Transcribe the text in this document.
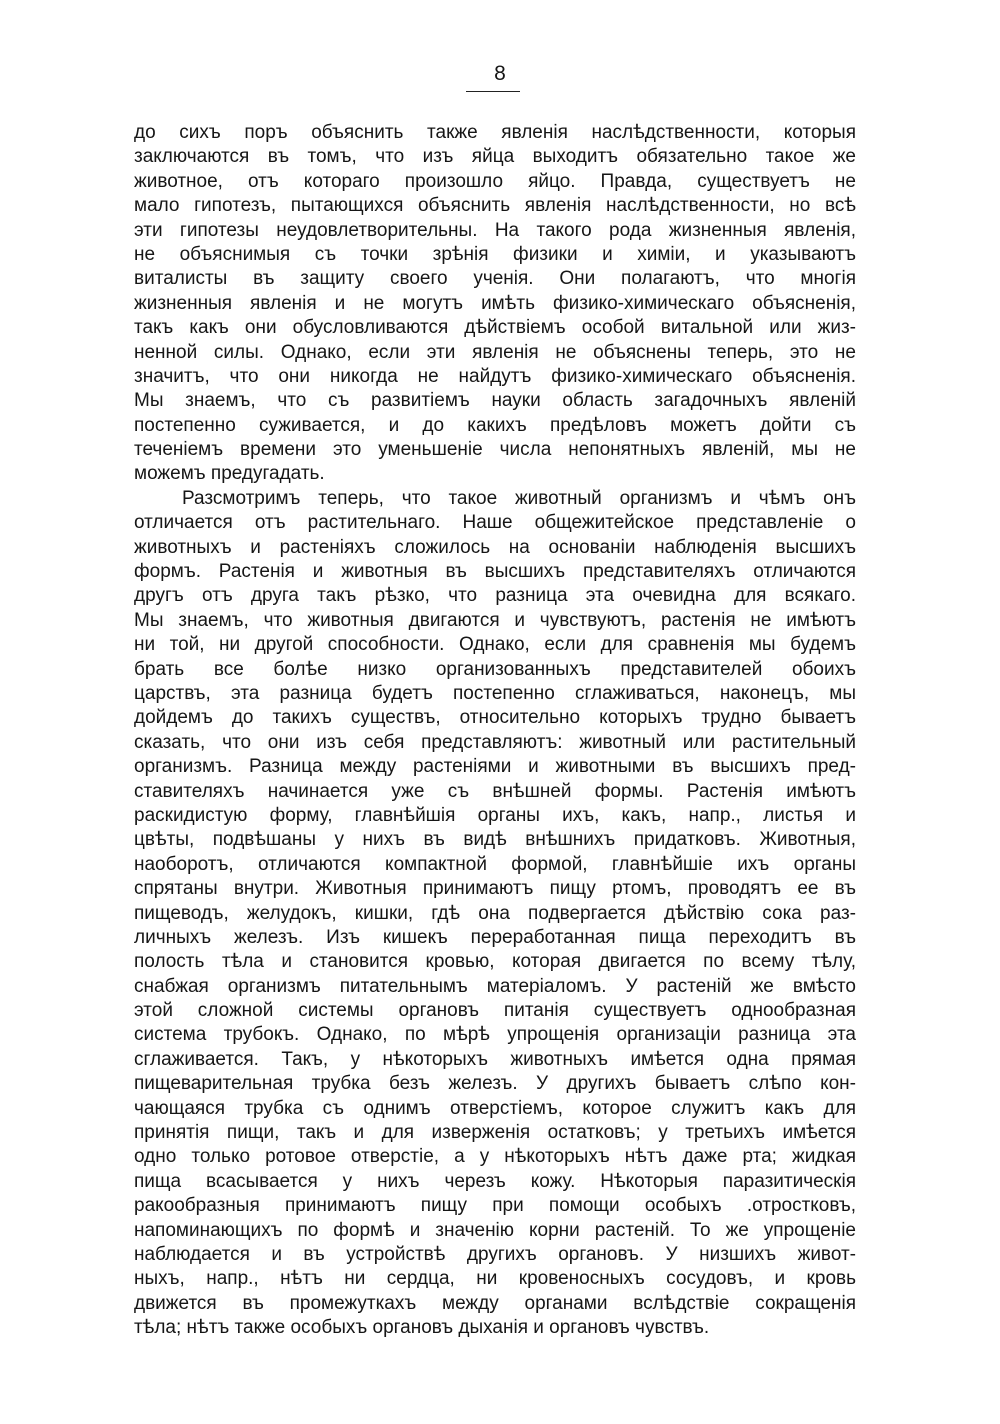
8
до сихъ поръ объяснить также явленія наслѣдственности, которыя
заключаются въ томъ, что изъ яйца выходитъ обязательно такое же
животное, отъ котораго произошло яйцо. Правда, существуетъ не
мало гипотезъ, пытающихся объяснить явленія наслѣдственности, но всѣ
эти гипотезы неудовлетворительны. На такого рода жизненныя явленія,
не объяснимыя съ точки зрѣнія физики и химіи, и указываютъ
виталисты въ защиту своего ученія. Они полагаютъ, что многія
жизненныя явленія и не могутъ имѣть физико-химическаго объясненія,
такъ какъ они обусловливаются дѣйствіемъ особой витальной или жиз-
ненной силы. Однако, если эти явленія не объяснены теперь, это не
значитъ, что они никогда не найдутъ физико-химическаго объясненія.
Мы знаемъ, что съ развитіемъ науки область загадочныхъ явленій
постепенно суживается, и до какихъ предѣловъ можетъ дойти съ
теченіемъ времени это уменьшеніе числа непонятныхъ явленій, мы не
можемъ предугадать.
Разсмотримъ теперь, что такое животный организмъ и чѣмъ онъ
отличается отъ растительнаго. Наше общежитейское представленіе о
животныхъ и растеніяхъ сложилось на основаніи наблюденія высшихъ
формъ. Растенія и животныя въ высшихъ представителяхъ отличаются
другъ отъ друга такъ рѣзко, что разница эта очевидна для всякаго.
Мы знаемъ, что животныя двигаются и чувствуютъ, растенія не имѣютъ
ни той, ни другой способности. Однако, если для сравненія мы будемъ
брать все болѣе низко организованныхъ представителей обоихъ
царствъ, эта разница будетъ постепенно сглаживаться, наконецъ, мы
дойдемъ до такихъ существъ, относительно которыхъ трудно бываетъ
сказать, что они изъ себя представляютъ: животный или растительный
организмъ. Разница между растеніями и животными въ высшихъ пред-
ставителяхъ начинается уже съ внѣшней формы. Растенія имѣютъ
раскидистую форму, главнѣйшія органы ихъ, какъ, напр., листья и
цвѣты, подвѣшаны у нихъ въ видѣ внѣшнихъ придатковъ. Животныя,
наоборотъ, отличаются компактной формой, главнѣйшіе ихъ органы
спрятаны внутри. Животныя принимаютъ пищу ртомъ, проводятъ ее въ
пищеводъ, желудокъ, кишки, гдѣ она подвергается дѣйствію сока раз-
личныхъ железъ. Изъ кишекъ переработанная пища переходитъ въ
полость тѣла и становится кровью, которая двигается по всему тѣлу,
снабжая организмъ питательнымъ матеріаломъ. У растеній же вмѣсто
этой сложной системы органовъ питанія существуетъ однообразная
система трубокъ. Однако, по мѣрѣ упрощенія организаціи разница эта
сглаживается. Такъ, у нѣкоторыхъ животныхъ имѣется одна прямая
пищеварительная трубка безъ железъ. У другихъ бываетъ слѣпо кон-
чающаяся трубка съ однимъ отверстіемъ, которое служитъ какъ для
принятія пищи, такъ и для изверженія остатковъ; у третьихъ имѣется
одно только ротовое отверстіе, а у нѣкоторыхъ нѣтъ даже рта; жидкая
пища всасывается у нихъ черезъ кожу. Нѣкоторыя паразитическія
ракообразныя принимаютъ пищу при помощи особыхъ .отростковъ,
напоминающихъ по формѣ и значенію корни растеній. То же упрощеніе
наблюдается и въ устройствѣ другихъ органовъ. У низшихъ живот-
ныхъ, напр., нѣтъ ни сердца, ни кровеносныхъ сосудовъ, и кровь
движется въ промежуткахъ между органами вслѣдствіе сокращенія
тѣла; нѣтъ также особыхъ органовъ дыханія и органовъ чувствъ.
